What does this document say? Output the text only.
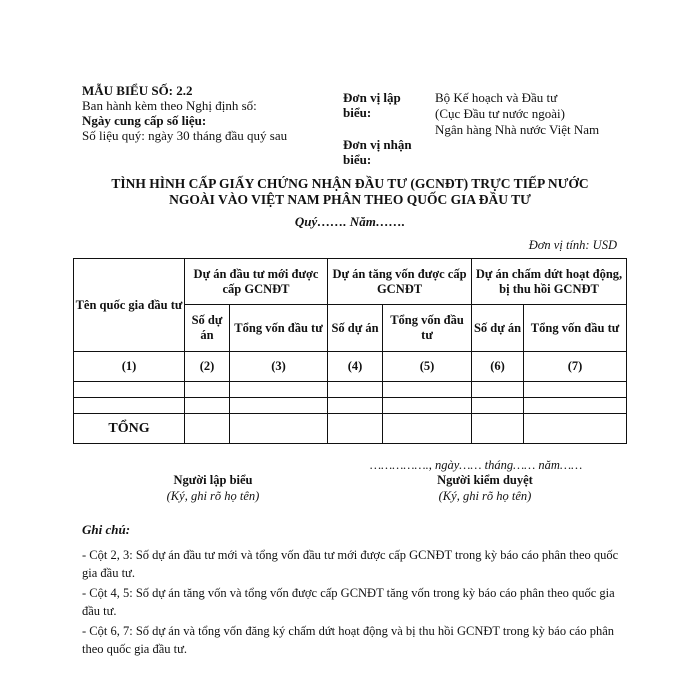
MẪU BIỂU SỐ: 2.2
Ban hành kèm theo Nghị định số:
Ngày cung cấp số liệu:
Số liệu quý: ngày 30 tháng đầu quý sau
Đơn vị lập
biểu:
Đơn vị nhận
biểu:
Bộ Kế hoạch và Đầu tư
(Cục Đầu tư nước ngoài)
Ngân hàng Nhà nước Việt Nam
TÌNH HÌNH CẤP GIẤY CHỨNG NHẬN ĐẦU TƯ (GCNĐT) TRỰC TIẾP NƯỚC
NGOÀI VÀO VIỆT NAM PHÂN THEO QUỐC GIA ĐẦU TƯ
Quý……. Năm…….
Đơn vị tính: USD
Tên quốc gia đầu tư	Dự án đầu tư mới được cấp GCNĐT		Dự án tăng vốn được cấp GCNĐT		Dự án chấm dứt hoạt động, bị thu hồi GCNĐT	
	Số dự án	Tổng vốn đầu tư	Số dự án	Tổng vốn đầu tư	Số dự án	Tổng vốn đầu tư
(1)	(2)	(3)	(4)	(5)	(6)	(7)

TỔNG						
……………., ngày…… tháng…… năm……
Người lập biểu
(Ký, ghi rõ họ tên)
Người kiểm duyệt
(Ký, ghi rõ họ tên)
Ghi chú:
- Cột 2, 3: Số dự án đầu tư mới và tổng vốn đầu tư mới được cấp GCNĐT trong kỳ báo cáo phân theo quốc gia đầu tư.
- Cột 4, 5: Số dự án tăng vốn và tổng vốn được cấp GCNĐT tăng vốn trong kỳ báo cáo phân theo quốc gia đầu tư.
- Cột 6, 7: Số dự án và tổng vốn đăng ký chấm dứt hoạt động và bị thu hồi GCNĐT trong kỳ báo cáo phân theo quốc gia đầu tư.
